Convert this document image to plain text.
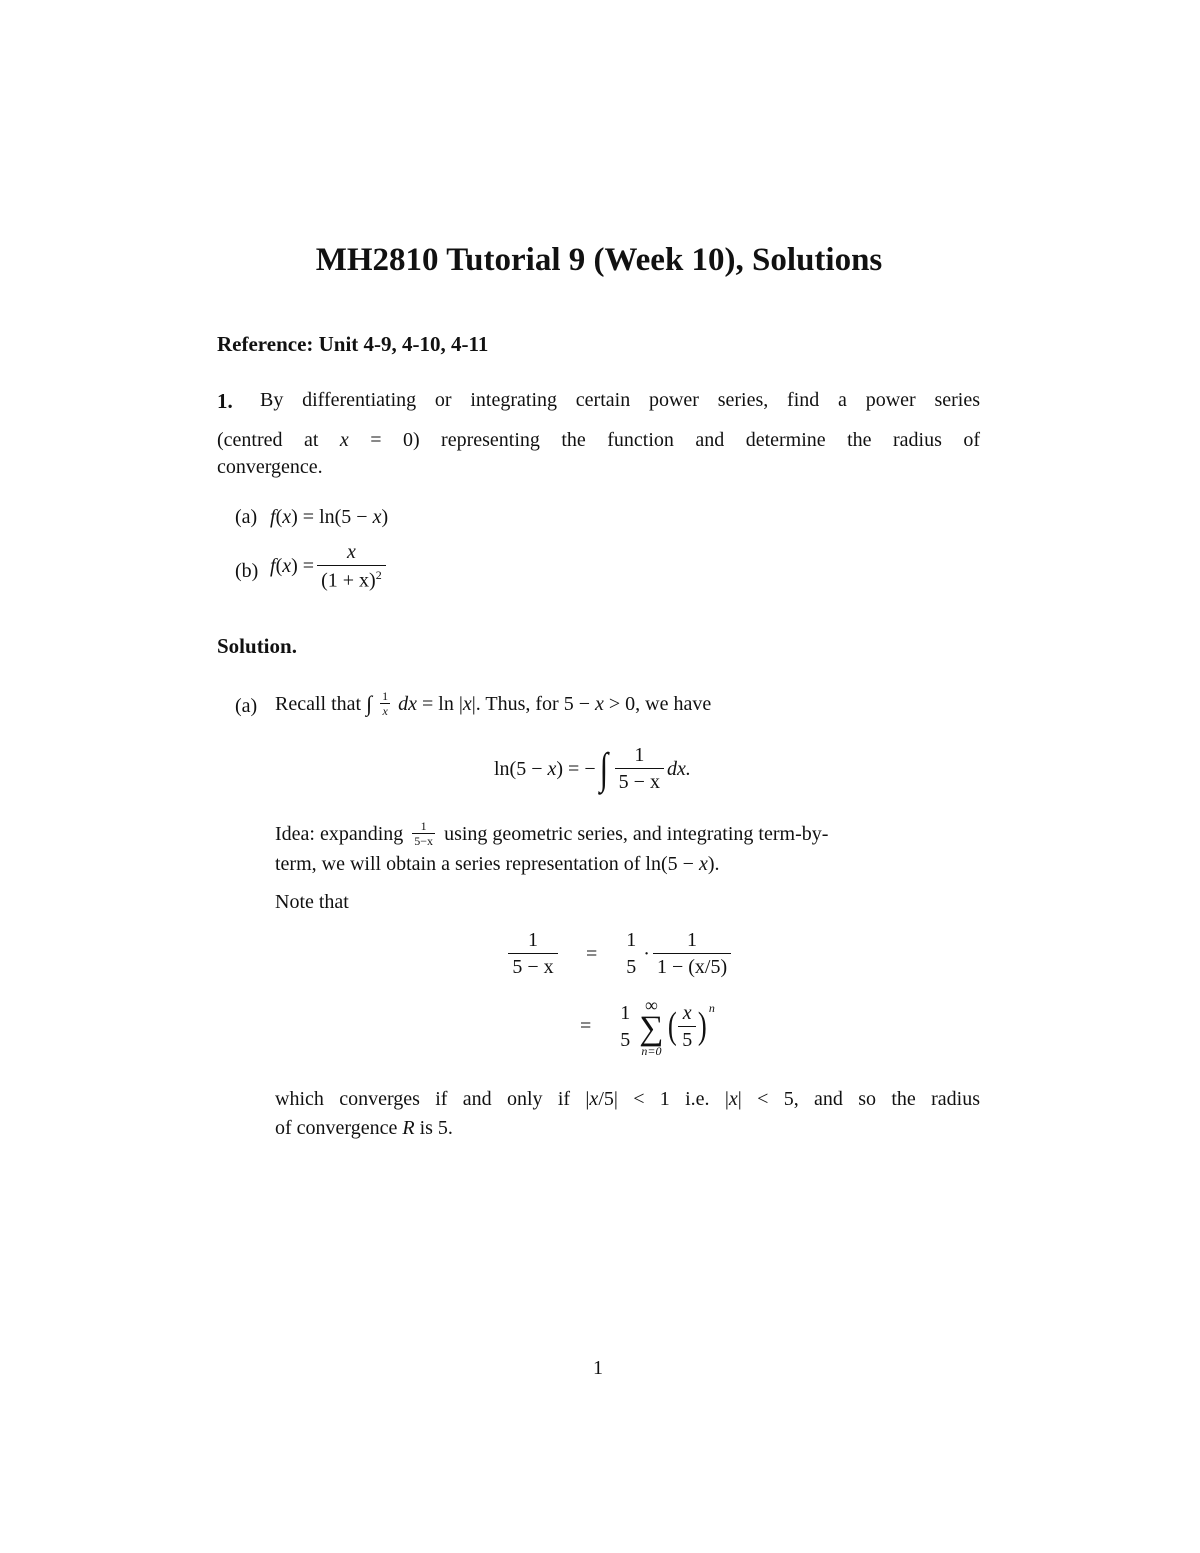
MH2810 Tutorial 9 (Week 10), Solutions
Reference: Unit 4-9, 4-10, 4-11
1. By differentiating or integrating certain power series, find a power series
(centred at x = 0) representing the function and determine the radius of
convergence.
(a) f(x) = ln(5 − x)
(b) $f(x) = \frac{x}{(1 + x)^2}$
Solution.
(a) Recall that ∫ $\frac{1}{x}$ dx = ln |x|. Thus, for 5 − x > 0, we have
ln(5 − x) = − ∫ $\frac{1}{5 - x}$ dx.
Idea: expanding $\frac{1}{5-x}$ using geometric series, and integrating term-by-
term, we will obtain a series representation of ln(5 − x).
Note that
$\frac{1}{5 - x}$ =
1
5
· $\frac{1}{1 - (x/5)}$
=
1
5
∞
∑
n=0
( $\frac{x}{5} )^n$
which converges if and only if |x/5| < 1 i.e. |x| < 5, and so the radius
of convergence R is 5.
1
